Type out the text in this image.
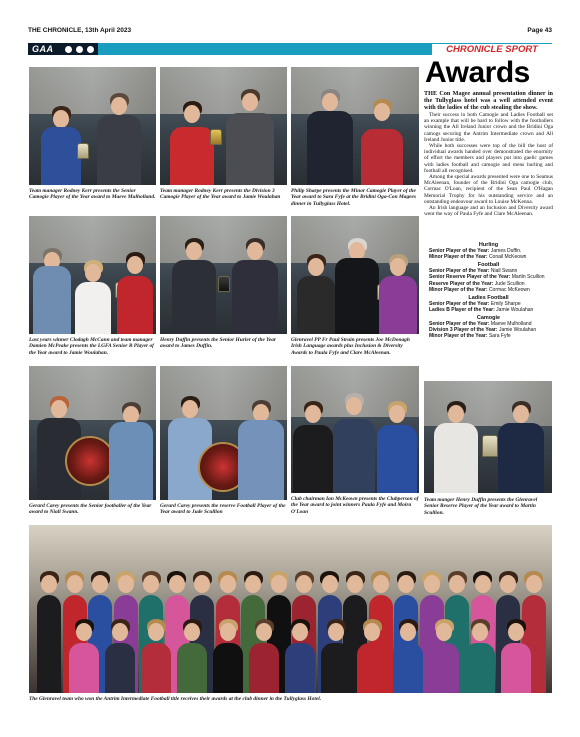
THE CHRONICLE, 13th April 2023	Page 43
GAA	CHRONICLE SPORT
Awards
Team manager Rodney Kerr presents the Senior Camogie Player of the Year award to Maeve Mulholland.
Team manager Rodney Kerr presents the Division 3 Camogie Player of the Year award to Jamie Woulahan
Philip Sharpe presents the Minor Camogie Player of the Year award to Sara Fyfe at the Bridini Oga-Con Magees dinner in Tullyglass Hotel.
Last years winner Clodagh McCann and team manager Damien McPeake presents the LGFA Senior B Player of the Year award to Jamie Woulahan.
Henry Duffin presents the Senior Hurler of the Year award to James Duffin.
Glenravel PP Fr Paul Strain presents Joe McDonagh Irish Language awards plus Inclusion & Diversity Awards to Paula Fyfe and Clare McAleenan.
Gerard Carey presents the Senior footballer of the Year award to Niall Swann.
Gerard Carey presents the reserve Football Player of the Year award to Jude Scullion
Club chairman Ian McKeown presents the Clubperson of the Year award to joint winners Paula Fyfe and Moira O'Loan
Team manger Henry Duffin presents the Glenravel Senior Reserve Player of the Year award to Martin Scullion.
THE Con Magee annual presentation dinner in the Tullyglass hotel was a well attended event with the ladies of the cub stealing the show.

Their success in both Camogie and Ladies Football set an example that will be hard to follow with the footballers winning the All Ireland Junior crown and the Bridini Oga camogs securing the Antrim Intermediate crown and All Ireland Junior title.

While both successes were top of the bill the host of individual awards handed over demonstrated the enormity of effort the members and players put into gaelic games with ladies football and camogie and mens hurling and football all recognised.

Among the special awards presented were one to Seamus McAleenan, founder of the Bridini Oga camogie club, Cormac O'Loan, recipient of the Sean Paul O'Hagan Memorial Trophy for his outstanding service and an outstanding endeavour award to Louise McKenna.

An Irish language and an Inclusion and Diversity award went the way of Paula Fyfe and Clare McAleenan.

Hurling
Senior Player of the Year: James Duffin.
Minor Player of the Year: Conail McKeown
Football
Senior Player of the Year: Niall Swann
Senior Reserve Player of the Year: Martin Scullion
Reserve Player of the Year: Jude Scullion
Minor Player of the Year: Cormac McKeown
Ladies Football
Senior Player of the Year: Emily Sharpe
Ladies B Player of the Year: Jamie Woulahan
Camogie
Senior Player of the Year: Maeve Mulholland
Division 3 Player of the Year: Jamie Woulahan
Minor Player of the Year: Sara Fyfe
The Glenravel team who won the Antrim Intermediate Football title receives their awards at the club dinner in the Tullyglass Hotel.
